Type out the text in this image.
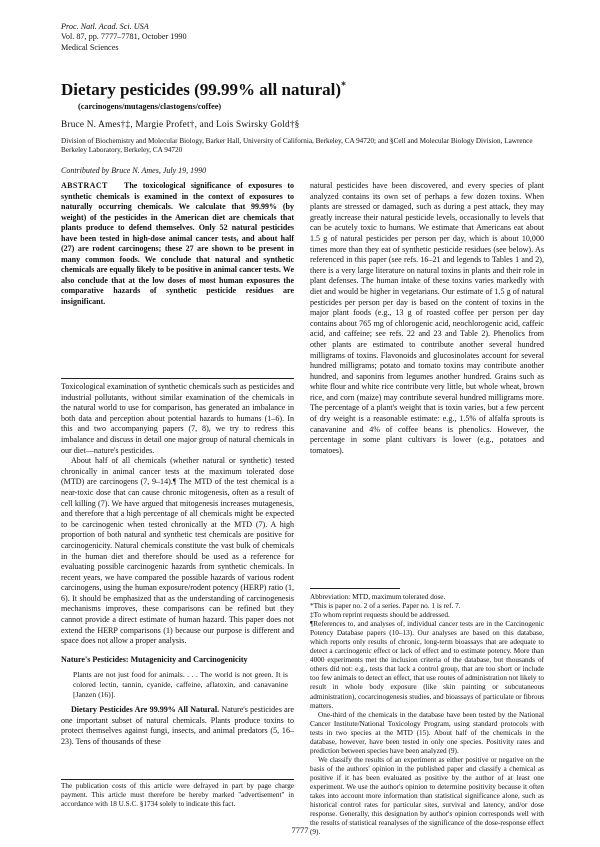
Proc. Natl. Acad. Sci. USA
Vol. 87, pp. 7777–7781, October 1990
Medical Sciences
Dietary pesticides (99.99% all natural)*
(carcinogens/mutagens/clastogens/coffee)
Bruce N. Ames†‡, Margie Profet†, and Lois Swirsky Gold†§
Division of Biochemistry and Molecular Biology, Barker Hall, University of California, Berkeley, CA 94720; and §Cell and Molecular Biology Division, Lawrence Berkeley Laboratory, Berkeley, CA 94720
Contributed by Bruce N. Ames, July 19, 1990
ABSTRACT The toxicological significance of exposures to synthetic chemicals is examined in the context of exposures to naturally occurring chemicals. We calculate that 99.99% (by weight) of the pesticides in the American diet are chemicals that plants produce to defend themselves. Only 52 natural pesticides have been tested in high-dose animal cancer tests, and about half (27) are rodent carcinogens; these 27 are shown to be present in many common foods. We conclude that natural and synthetic chemicals are equally likely to be positive in animal cancer tests. We also conclude that at the low doses of most human exposures the comparative hazards of synthetic pesticide residues are insignificant.

Toxicological examination of synthetic chemicals such as pesticides and industrial pollutants, without similar examination of the chemicals in the natural world to use for comparison, has generated an imbalance in both data and perception about potential hazards to humans (1–6). In this and two accompanying papers (7, 8), we try to redress this imbalance and discuss in detail one major group of natural chemicals in our diet—nature's pesticides.

About half of all chemicals (whether natural or synthetic) tested chronically in animal cancer tests at the maximum tolerated dose (MTD) are carcinogens (7, 9–14).¶ The MTD of the test chemical is a near-toxic dose that can cause chronic mitogenesis, often as a result of cell killing (7). We have argued that mitogenesis increases mutagenesis, and therefore that a high percentage of all chemicals might be expected to be carcinogenic when tested chronically at the MTD (7). A high proportion of both natural and synthetic test chemicals are positive for carcinogenicity. Natural chemicals constitute the vast bulk of chemicals in the human diet and therefore should be used as a reference for evaluating possible carcinogenic hazards from synthetic chemicals. In recent years, we have compared the possible hazards of various rodent carcinogens, using the human exposure/rodent potency (HERP) ratio (1, 6). It should be emphasized that as the understanding of carcinogenesis mechanisms improves, these comparisons can be refined but they cannot provide a direct estimate of human hazard. This paper does not extend the HERP comparisons (1) because our purpose is different and space does not allow a proper analysis.

Nature's Pesticides: Mutagenicity and Carcinogenicity
Plants are not just food for animals. . . . The world is not green. It is colored lectin, tannin, cyanide, caffeine, aflatoxin, and canavanine [Janzen (16)].

Dietary Pesticides Are 99.99% All Natural. Nature's pesticides are one important subset of natural chemicals. Plants produce toxins to protect themselves against fungi, insects, and animal predators (5, 16–23). Tens of thousands of these

natural pesticides have been discovered, and every species of plant analyzed contains its own set of perhaps a few dozen toxins. When plants are stressed or damaged, such as during a pest attack, they may greatly increase their natural pesticide levels, occasionally to levels that can be acutely toxic to humans. We estimate that Americans eat about 1.5 g of natural pesticides per person per day, which is about 10,000 times more than they eat of synthetic pesticide residues (see below). As referenced in this paper (see refs. 16–21 and legends to Tables 1 and 2), there is a very large literature on natural toxins in plants and their role in plant defenses. The human intake of these toxins varies markedly with diet and would be higher in vegetarians. Our estimate of 1.5 g of natural pesticides per person per day is based on the content of toxins in the major plant foods (e.g., 13 g of roasted coffee per person per day contains about 765 mg of chlorogenic acid, neochlorogenic acid, caffeic acid, and caffeine; see refs. 22 and 23 and Table 2). Phenolics from other plants are estimated to contribute another several hundred milligrams of toxins. Flavonoids and glucosinolates account for several hundred milligrams; potato and tomato toxins may contribute another hundred, and saponins from legumes another hundred. Grains such as white flour and white rice contribute very little, but whole wheat, brown rice, and corn (maize) may contribute several hundred milligrams more. The percentage of a plant's weight that is toxin varies, but a few percent of dry weight is a reasonable estimate: e.g., 1.5% of alfalfa sprouts is canavanine and 4% of coffee beans is phenolics. However, the percentage in some plant cultivars is lower (e.g., potatoes and tomatoes).

Abbreviation: MTD, maximum tolerated dose.

*This is paper no. 2 of a series. Paper no. 1 is ref. 7.

‡To whom reprint requests should be addressed.

¶References to, and analyses of, individual cancer tests are in the Carcinogenic Potency Database papers (10–13). Our analyses are based on this database, which reports only results of chronic, long-term bioassays that are adequate to detect a carcinogenic effect or lack of effect and to estimate potency. More than 4000 experiments met the inclusion criteria of the database, but thousands of others did not: e.g., tests that lack a control group, that are too short or include too few animals to detect an effect, that use routes of administration not likely to result in whole body exposure (like skin painting or subcutaneous administration), cocarcinogenesis studies, and bioassays of particulate or fibrous matters.

One-third of the chemicals in the database have been tested by the National Cancer Institute/National Toxicology Program, using standard protocols with tests in two species at the MTD (15). About half of the chemicals in the database, however, have been tested in only one species. Positivity rates and prediction between species have been analyzed (9).

We classify the results of an experiment as either positive or negative on the basis of the authors' opinion in the published paper and classify a chemical as positive if it has been evaluated as positive by the author of at least one experiment. We use the author's opinion to determine positivity because it often takes into account more information than statistical significance alone, such as historical control rates for particular sites, survival and latency, and/or dose response. Generally, this designation by author's opinion corresponds well with the results of statistical reanalyses of the significance of the dose-response effect (9).

The publication costs of this article were defrayed in part by page charge payment. This article must therefore be hereby marked "advertisement" in accordance with 18 U.S.C. §1734 solely to indicate this fact.
7777
